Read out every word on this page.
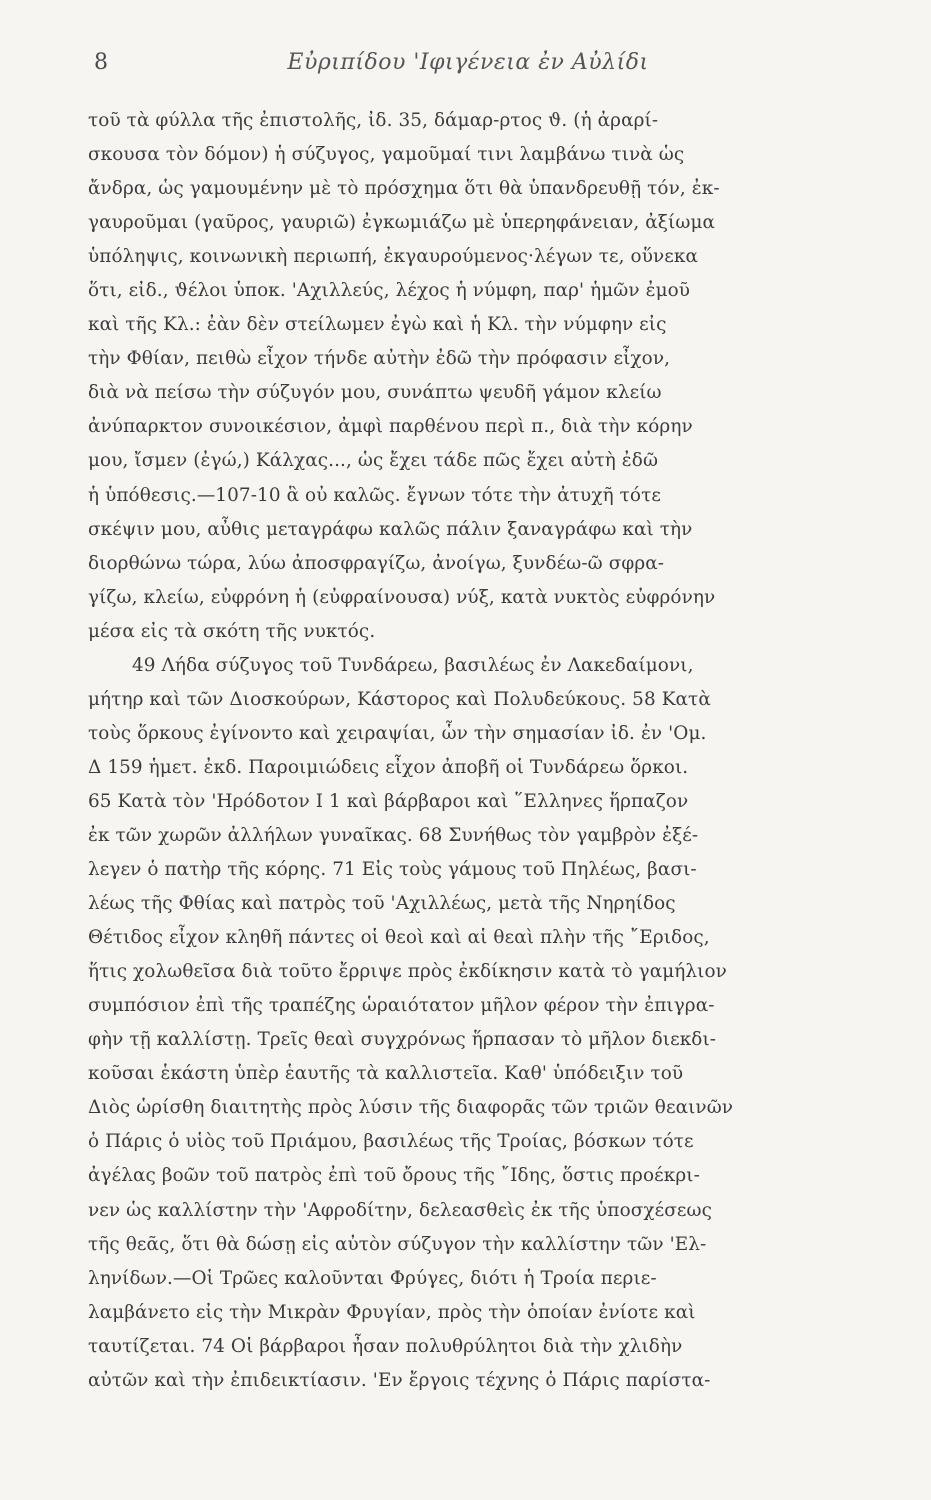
8	Εὐριπίδου 'Ιφιγένεια ἐν Αὐλίδι
τοῦ τὰ φύλλα τῆς ἐπιστολῆς, ἰδ. 35, δάμαρ-ρτος ϑ. (ἡ ἀραρί-
σκουσα τὸν δόμον) ἡ σύζυγος, γαμοῦμαί τινι λαμβάνω τινὰ ὡς
ἄνδρα, ὡς γαμουμένην μὲ τὸ πρόσχημα ὅτι θὰ ὑπανδρευθῇ τόν, ἐκ-
γαυροῦμαι (γαῦρος, γαυριῶ) ἐγκωμιάζω μὲ ὑπερηφάνειαν, ἀξίωμα
ὑπόληψις, κοινωνικὴ περιωπή, ἐκγαυρούμενος·λέγων τε, οὕνεκα
ὅτι, εἰδ., ϑέλοι ὑποκ. 'Αχιλλεύς, λέχος ἡ νύμφη, παρ' ἡμῶν ἐμοῦ
καὶ τῆς Κλ.: ἐὰν δὲν στείλωμεν ἐγὼ καὶ ἡ Κλ. τὴν νύμφην εἰς
τὴν Φθίαν, πειθὼ εἶχον τήνδε αὐτὴν ἐδῶ τὴν πρόφασιν εἶχον,
διὰ νὰ πείσω τὴν σύζυγόν μου, συνάπτω ψευδῆ γάμον κλείω
ἀνύπαρκτον συνοικέσιον, ἀμφὶ παρθένου περὶ π., διὰ τὴν κόρην
μου, ἴσμεν (ἐγώ,) Κάλχας..., ὡς ἔχει τάδε πῶς ἔχει αὐτὴ ἐδῶ
ἡ ὑπόθεσις.—107-10 ἃ οὐ καλῶς. ἔγνων τότε τὴν ἀτυχῆ τότε
σκέψιν μου, αὖθις μεταγράφω καλῶς πάλιν ξαναγράφω καὶ τὴν
διορθώνω τώρα, λύω ἀποσφραγίζω, ἀνοίγω, ξυνδέω-ῶ σφρα-
γίζω, κλείω, εὐφρόνη ἡ (εὐφραίνουσα) νύξ, κατὰ νυκτὸς εὐφρόνην
μέσα εἰς τὰ σκότη τῆς νυκτός.
49 Λήδα σύζυγος τοῦ Τυνδάρεω, βασιλέως ἐν Λακεδαίμονι,
μήτηρ καὶ τῶν Διοσκούρων, Κάστορος καὶ Πολυδεύκους. 58 Κατὰ
τοὺς ὅρκους ἐγίνοντο καὶ χειραψίαι, ὧν τὴν σημασίαν ἰδ. ἐν 'Ομ.
Δ 159 ἡμετ. ἐκδ. Παροιμιώδεις εἶχον ἀποβῆ οἱ Τυνδάρεω ὅρκοι.
65 Κατὰ τὸν 'Ηρόδοτον I 1 καὶ βάρβαροι καὶ ῞Ελληνες ἥρπαζον
ἐκ τῶν χωρῶν ἀλλήλων γυναῖκας. 68 Συνήθως τὸν γαμβρὸν ἐξέ-
λεγεν ὁ πατὴρ τῆς κόρης. 71 Εἰς τοὺς γάμους τοῦ Πηλέως, βασι-
λέως τῆς Φθίας καὶ πατρὸς τοῦ 'Αχιλλέως, μετὰ τῆς Νηρηίδος
Θέτιδος εἶχον κληθῆ πάντες οἱ θεοὶ καὶ αἱ θεαὶ πλὴν τῆς ῎Εριδος,
ἥτις χολωθεῖσα διὰ τοῦτο ἔρριψε πρὸς ἐκδίκησιν κατὰ τὸ γαμήλιον
συμπόσιον ἐπὶ τῆς τραπέζης ὡραιότατον μῆλον φέρον τὴν ἐπιγρα-
φὴν τῇ καλλίστῃ. Τρεῖς θεαὶ συγχρόνως ἥρπασαν τὸ μῆλον διεκδι-
κοῦσαι ἑκάστη ὑπὲρ ἑαυτῆς τὰ καλλιστεῖα. Καθ' ὑπόδειξιν τοῦ
Διὸς ὡρίσθη διαιτητὴς πρὸς λύσιν τῆς διαφορᾶς τῶν τριῶν θεαινῶν
ὁ Πάρις ὁ υἱὸς τοῦ Πριάμου, βασιλέως τῆς Τροίας, βόσκων τότε
ἀγέλας βοῶν τοῦ πατρὸς ἐπὶ τοῦ ὄρους τῆς ῎Ιδης, ὅστις προέκρι-
νεν ὡς καλλίστην τὴν 'Αφροδίτην, δελεασθεὶς ἐκ τῆς ὑποσχέσεως
τῆς θεᾶς, ὅτι θὰ δώσῃ εἰς αὐτὸν σύζυγον τὴν καλλίστην τῶν 'Ελ-
ληνίδων.—Οἱ Τρῶες καλοῦνται Φρύγες, διότι ἡ Τροία περιε-
λαμβάνετο εἰς τὴν Μικρὰν Φρυγίαν, πρὸς τὴν ὁποίαν ἐνίοτε καὶ
ταυτίζεται. 74 Οἱ βάρβαροι ἦσαν πολυθρύλητοι διὰ τὴν χλιδὴν
αὐτῶν καὶ τὴν ἐπιδεικτίασιν. 'Εν ἔργοις τέχνης ὁ Πάρις παρίστα-
